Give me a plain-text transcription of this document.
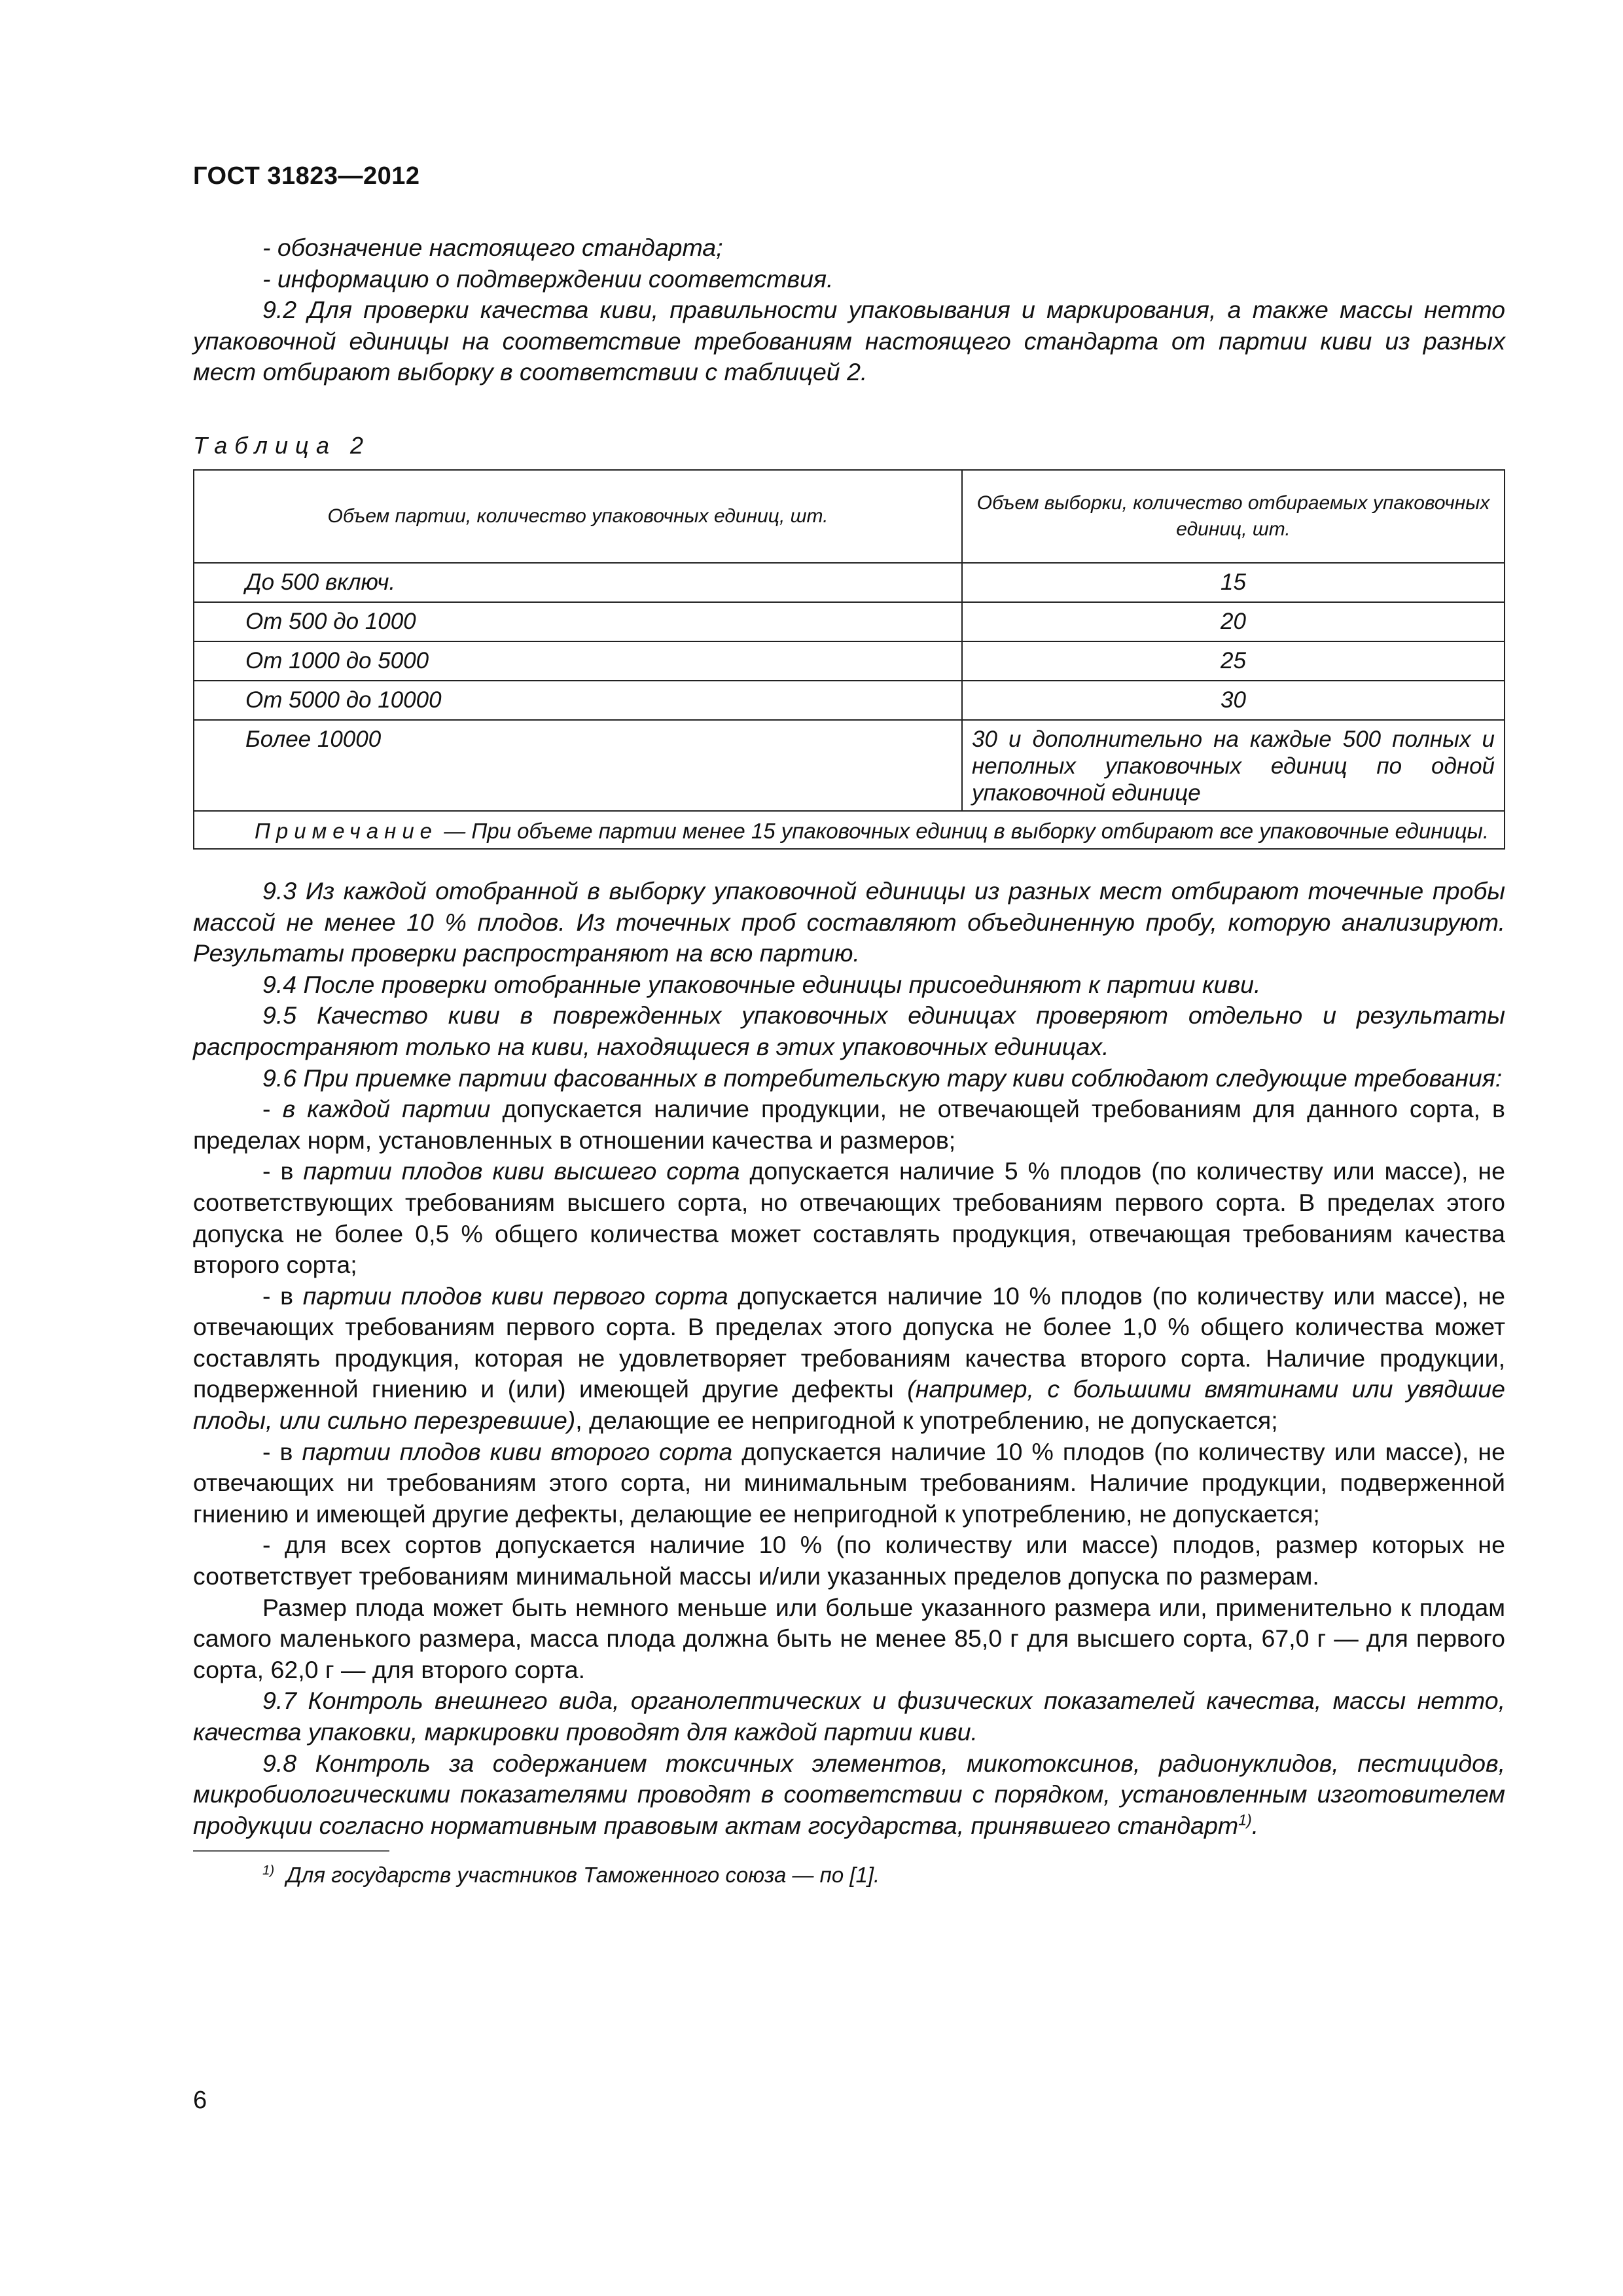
ГОСТ 31823—2012

- обозначение настоящего стандарта;

- информацию о подтверждении соответствия.

9.2 Для проверки качества киви, правильности упаковывания и маркирования, а также массы нетто упаковочной единицы на соответствие требованиям настоящего стандарта от партии киви из разных мест отбирают выборку в соответствии с таблицей 2.

Таблица 2
Объем партии, количество упаковочных единиц, шт.	Объем выборки, количество отбираемых упаковочных единиц, шт.
До 500 включ.	15
От 500 до 1000	20
От 1000 до 5000	25
От 5000 до 10000	30
Более 10000	30 и дополнительно на каждые 500 полных и неполных упаковочных единиц по одной упаковочной единице
Примечание — При объеме партии менее 15 упаковочных единиц в выборку отбирают все упаковочные единицы.	

9.3 Из каждой отобранной в выборку упаковочной единицы из разных мест отбирают точечные пробы массой не менее 10 % плодов. Из точечных проб составляют объединенную пробу, которую анализируют. Результаты проверки распространяют на всю партию.

9.4 После проверки отобранные упаковочные единицы присоединяют к партии киви.

9.5 Качество киви в поврежденных упаковочных единицах проверяют отдельно и результаты распространяют только на киви, находящиеся в этих упаковочных единицах.

9.6 При приемке партии фасованных в потребительскую тару киви соблюдают следующие требования:

- в каждой партии допускается наличие продукции, не отвечающей требованиям для данного сорта, в пределах норм, установленных в отношении качества и размеров;

- в партии плодов киви высшего сорта допускается наличие 5 % плодов (по количеству или массе), не соответствующих требованиям высшего сорта, но отвечающих требованиям первого сорта. В пределах этого допуска не более 0,5 % общего количества может составлять продукция, отвечающая требованиям качества второго сорта;

- в партии плодов киви первого сорта допускается наличие 10 % плодов (по количеству или массе), не отвечающих требованиям первого сорта. В пределах этого допуска не более 1,0 % общего количества может составлять продукция, которая не удовлетворяет требованиям качества второго сорта. Наличие продукции, подверженной гниению и (или) имеющей другие дефекты (например, с большими вмятинами или увядшие плоды, или сильно перезревшие), делающие ее непригодной к употреблению, не допускается;

- в партии плодов киви второго сорта допускается наличие 10 % плодов (по количеству или массе), не отвечающих ни требованиям этого сорта, ни минимальным требованиям. Наличие продукции, подверженной гниению и имеющей другие дефекты, делающие ее непригодной к употреблению, не допускается;

- для всех сортов допускается наличие 10 % (по количеству или массе) плодов, размер которых не соответствует требованиям минимальной массы и/или указанных пределов допуска по размерам.

Размер плода может быть немного меньше или больше указанного размера или, применительно к плодам самого маленького размера, масса плода должна быть не менее 85,0 г для высшего сорта, 67,0 г — для первого сорта, 62,0 г — для второго сорта.

9.7 Контроль внешнего вида, органолептических и физических показателей качества, массы нетто, качества упаковки, маркировки проводят для каждой партии киви.

9.8 Контроль за содержанием токсичных элементов, микотоксинов, радионуклидов, пестицидов, микробиологическими показателями проводят в соответствии с порядком, установленным изготовителем продукции согласно нормативным правовым актам государства, принявшего стандарт$^{1)}$.

$^{1)}$ Для государств участников Таможенного союза — по [1].
6
